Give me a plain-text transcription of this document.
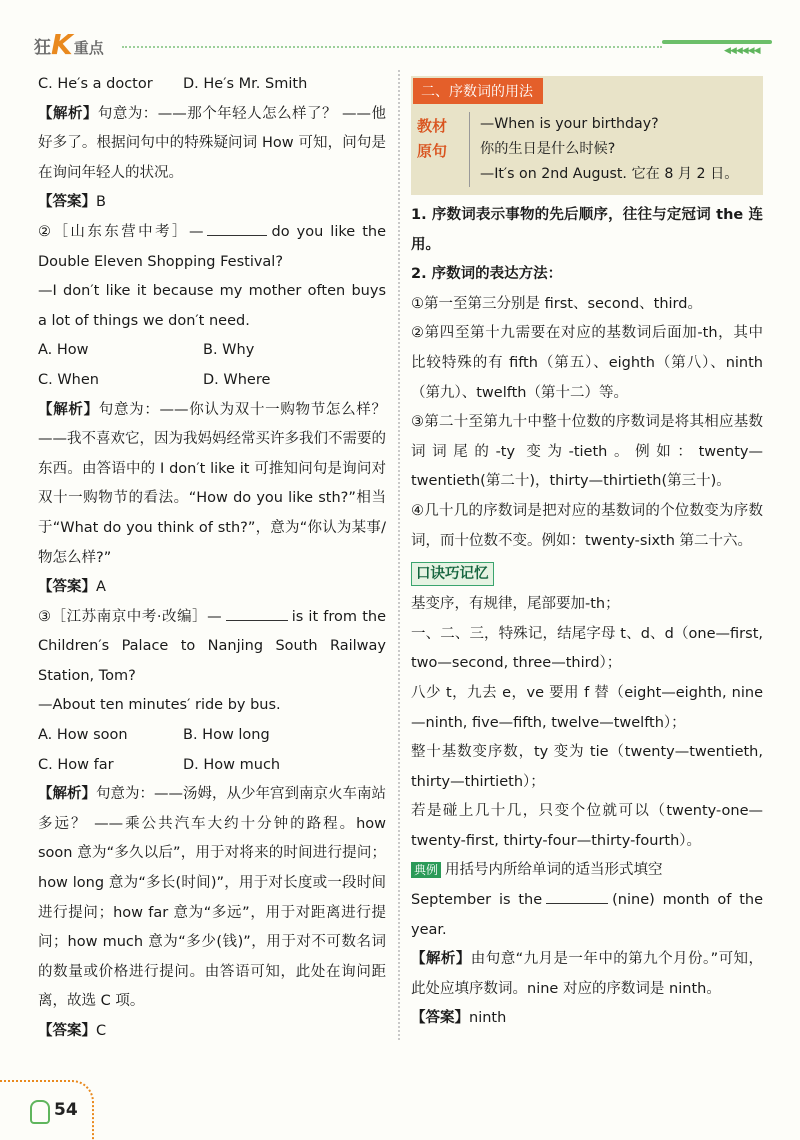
狂 K 重点	◀◀◀◀◀◀
C. He′s a doctor	D. He′s Mr. Smith

【解析】句意为：——那个年轻人怎么样了？ ——他好多了。根据问句中的特殊疑问词 How 可知，问句是在询问年轻人的状况。

【答案】B

②［山东东营中考］—	do you like the Double Eleven Shopping Festival?

—I don′t like it because my mother often buys a lot of things we don′t need.

A. How	B. Why
C. When	D. Where

【解析】句意为：——你认为双十一购物节怎么样？ ——我不喜欢它，因为我妈妈经常买许多我们不需要的东西。由答语中的 I don′t like it 可推知问句是询问对双十一购物节的看法。“How do you like sth?”相当于“What do you think of sth?”，意为“你认为某事/物怎么样?”

【答案】A

③［江苏南京中考·改编］—	is it from the Children′s Palace to Nanjing South Railway Station, Tom?

—About ten minutes′ ride by bus.

A. How soon	B. How long
C. How far	D. How much

【解析】句意为：——汤姆，从少年宫到南京火车南站多远？ ——乘公共汽车大约十分钟的路程。how soon 意为“多久以后”，用于对将来的时间进行提问；how long 意为“多长(时间)”，用于对长度或一段时间进行提问；how far 意为“多远”，用于对距离进行提问；how much 意为“多少(钱)”，用于对不可数名词的数量或价格进行提问。由答语可知，此处在询问距离，故选 C 项。

【答案】C

二、序数词的用法
教材
原句
—When is your birthday?
你的生日是什么时候?
—It′s on 2nd August. 它在 8 月 2 日。

1. 序数词表示事物的先后顺序，往往与定冠词 the 连用。

2. 序数词的表达方法：

①第一至第三分别是 first、second、third。

②第四至第十九需要在对应的基数词后面加-th，其中比较特殊的有 fifth（第五）、eighth（第八）、ninth（第九）、twelfth（第十二）等。

③第二十至第九十中整十位数的序数词是将其相应基数词词尾的-ty 变为-tieth。例如：twenty—twentieth(第二十)，thirty—thirtieth(第三十)。

④几十几的序数词是把对应的基数词的个位数变为序数词，而十位数不变。例如：twenty-sixth 第二十六。

口诀巧记忆

基变序，有规律，尾部要加-th；

一、二、三，特殊记，结尾字母 t、d、d（one—first, two—second, three—third）；

八少 t，九去 e，ve 要用 f 替（eight—eighth, nine—ninth, five—fifth, twelve—twelfth）；

整十基数变序数，ty 变为 tie（twenty—twentieth, thirty—thirtieth）；

若是碰上几十几，只变个位就可以（twenty-one—twenty-first, thirty-four—thirty-fourth）。

典例 用括号内所给单词的适当形式填空

September is the	(nine) month of the year.

【解析】由句意“九月是一年中的第九个月份。”可知，此处应填序数词。nine 对应的序数词是 ninth。

【答案】ninth

54
